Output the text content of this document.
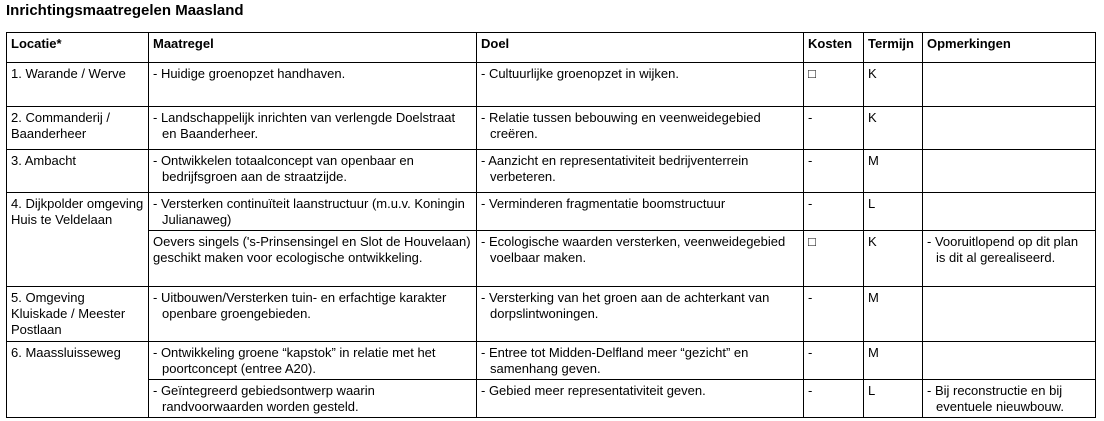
Inrichtingsmaatregelen Maasland
Locatie*	Maatregel	Doel	Kosten	Termijn	Opmerkingen
1. Warande / Werve	- Huidige groenopzet handhaven.	- Cultuurlijke groenopzet in wijken.	□	K	
2. Commanderij / Baanderheer	- Landschappelijk inrichten van verlengde Doelstraat en Baanderheer.	- Relatie tussen bebouwing en veenweidegebied creëren.	-	K	
3. Ambacht	- Ontwikkelen totaalconcept van openbaar en bedrijfsgroen aan de straatzijde.	- Aanzicht en representativiteit bedrijventerrein verbeteren.	-	M	
4. Dijkpolder omgeving Huis te Veldelaan	- Versterken continuïteit laanstructuur (m.u.v. Koningin Julianaweg)	- Verminderen fragmentatie boomstructuur	-	L	
	Oevers singels ('s-Prinsensingel en Slot de Houvelaan) geschikt maken voor ecologische ontwikkeling.	- Ecologische waarden versterken, veenweidegebied voelbaar maken.	□	K	- Vooruitlopend op dit plan is dit al gerealiseerd.

5. Omgeving Kluiskade / Meester Postlaan	- Uitbouwen/Versterken tuin- en erfachtige karakter openbare groengebieden.	- Versterking van het groen aan de achterkant van dorpslintwoningen.	-	M	
6. Maassluisseweg	- Ontwikkeling groene “kapstok” in relatie met het poortconcept (entree A20).	- Entree tot Midden-Delfland meer “gezicht” en samenhang geven.	-	M	

	- Geïntegreerd gebiedsontwerp waarin randvoorwaarden worden gesteld.	- Gebied meer representativiteit geven.	-	L	- Bij reconstructie en bij eventuele nieuwbouw.
